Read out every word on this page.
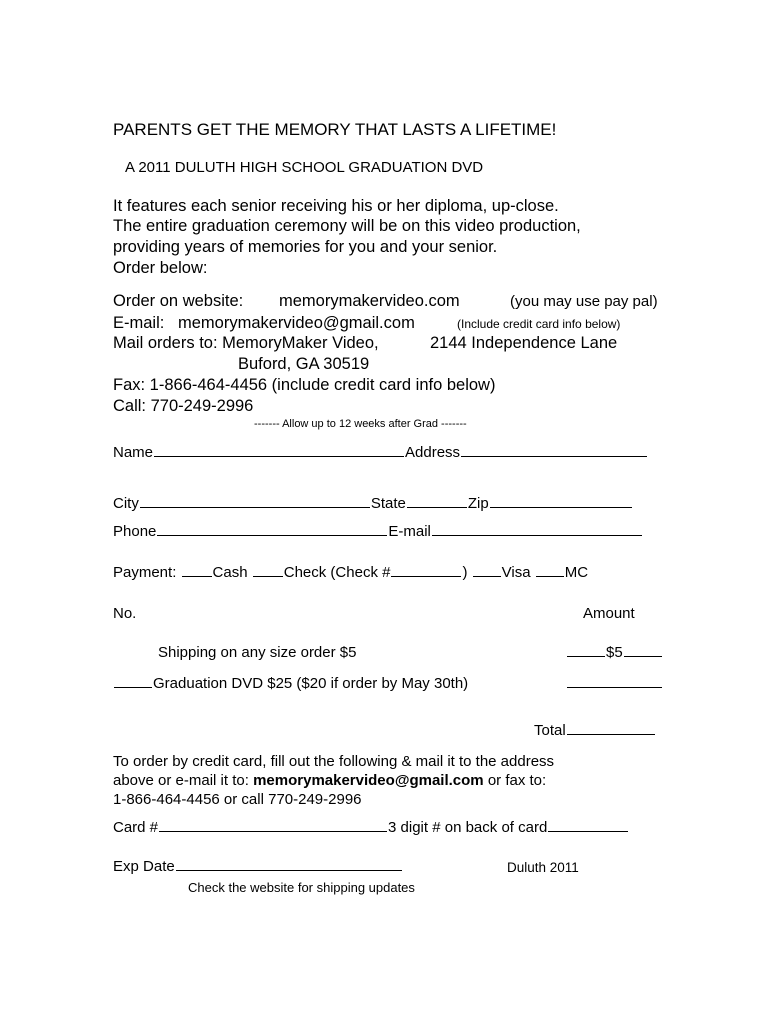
PARENTS GET THE MEMORY THAT LASTS A LIFETIME!

A 2011 DULUTH HIGH SCHOOL GRADUATION DVD

It features each senior receiving his or her diploma, up-close.

The entire graduation ceremony will be on this video production,

providing years of memories for you and your senior.

Order below:

Order on website: memorymakervideo.com	(you may use pay pal)

E-mail: memorymakervideo@gmail.com	(Include credit card info below)

Mail orders to: MemoryMaker Video,	2144 Independence Lane

Buford, GA 30519

Fax: 1-866-464-4456 (include credit card info below)

Call: 770-249-2996

------- Allow up to 12 weeks after Grad -------

Name	Address

City	State	Zip

Phone	E-mail

Payment: Cash Check (Check #	) Visa MC

No.	Amount

Shipping on any size order $5	$5

Graduation DVD $25 ($20 if order by May 30th)

Total

To order by credit card, fill out the following & mail it to the address

above or e-mail it to: memorymakervideo@gmail.com or fax to:

1-866-464-4456 or call 770-249-2996

Card #	3 digit # on back of card

Exp Date	Duluth 2011

Check the website for shipping updates
